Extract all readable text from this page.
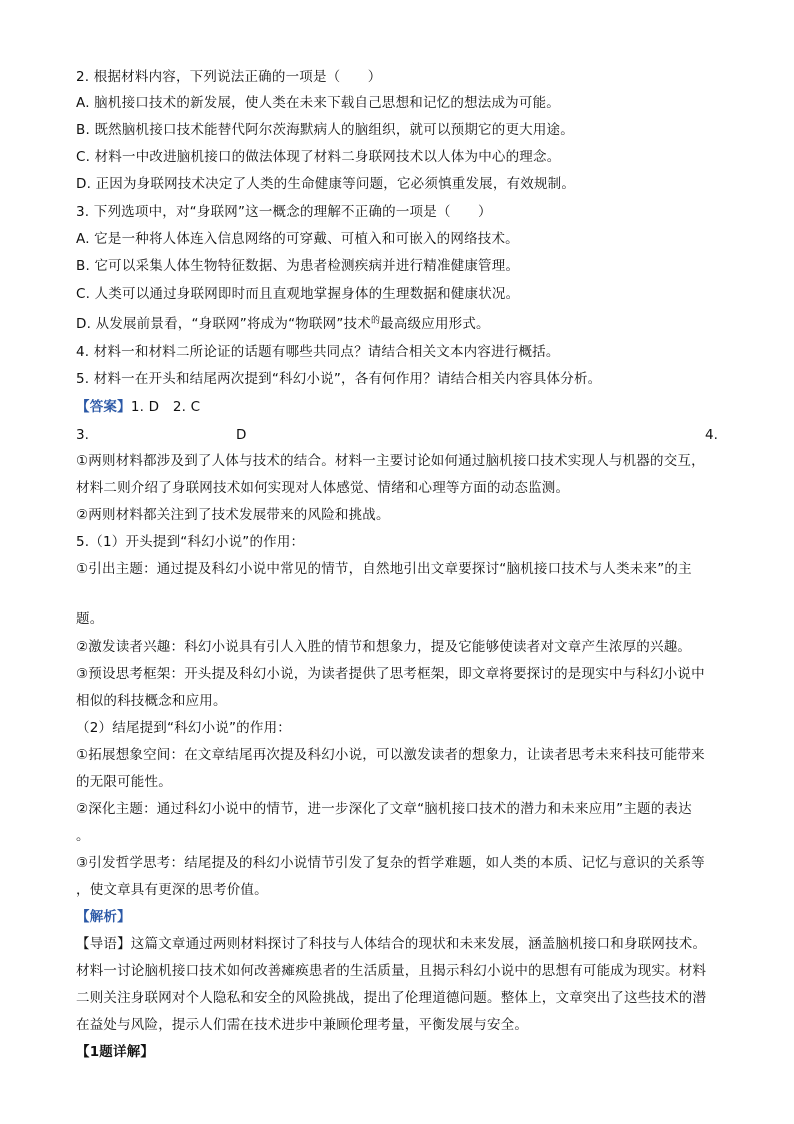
2. 根据材料内容，下列说法正确的一项是（　　）
A. 脑机接口技术的新发展，使人类在未来下载自己思想和记忆的想法成为可能。
B. 既然脑机接口技术能替代阿尔茨海默病人的脑组织，就可以预期它的更大用途。
C. 材料一中改进脑机接口的做法体现了材料二身联网技术以人体为中心的理念。
D. 正因为身联网技术决定了人类的生命健康等问题，它必须慎重发展，有效规制。
3. 下列选项中，对“身联网”这一概念的理解不正确的一项是（　　）
A. 它是一种将人体连入信息网络的可穿戴、可植入和可嵌入的网络技术。
B. 它可以采集人体生物特征数据、为患者检测疾病并进行精准健康管理。
C. 人类可以通过身联网即时而且直观地掌握身体的生理数据和健康状况。
D. 从发展前景看，“身联网”将成为“物联网”技术$^的$最高级应用形式。
4. 材料一和材料二所论证的话题有哪些共同点？请结合相关文本内容进行概括。
5. 材料一在开头和结尾两次提到“科幻小说”，各有何作用？请结合相关内容具体分析。
【答案】1. D　2. C
3.	D	4.
①两则材料都涉及到了人体与技术的结合。材料一主要讨论如何通过脑机接口技术实现人与机器的交互，
材料二则介绍了身联网技术如何实现对人体感觉、情绪和心理等方面的动态监测。
②两则材料都关注到了技术发展带来的风险和挑战。
5.（1）开头提到“科幻小说”的作用：
①引出主题：通过提及科幻小说中常见的情节，自然地引出文章要探讨“脑机接口技术与人类未来”的主
题。
②激发读者兴趣：科幻小说具有引人入胜的情节和想象力，提及它能够使读者对文章产生浓厚的兴趣。
③预设思考框架：开头提及科幻小说，为读者提供了思考框架，即文章将要探讨的是现实中与科幻小说中
相似的科技概念和应用。
（2）结尾提到“科幻小说”的作用：
①拓展想象空间：在文章结尾再次提及科幻小说，可以激发读者的想象力，让读者思考未来科技可能带来
的无限可能性。
②深化主题：通过科幻小说中的情节，进一步深化了文章“脑机接口技术的潜力和未来应用”主题的表达
。
③引发哲学思考：结尾提及的科幻小说情节引发了复杂的哲学难题，如人类的本质、记忆与意识的关系等
，使文章具有更深的思考价值。
【解析】
【导语】这篇文章通过两则材料探讨了科技与人体结合的现状和未来发展，涵盖脑机接口和身联网技术。
材料一讨论脑机接口技术如何改善瘫痪患者的生活质量，且揭示科幻小说中的思想有可能成为现实。材料
二则关注身联网对个人隐私和安全的风险挑战，提出了伦理道德问题。整体上，文章突出了这些技术的潜
在益处与风险，提示人们需在技术进步中兼顾伦理考量，平衡发展与安全。
【1题详解】
